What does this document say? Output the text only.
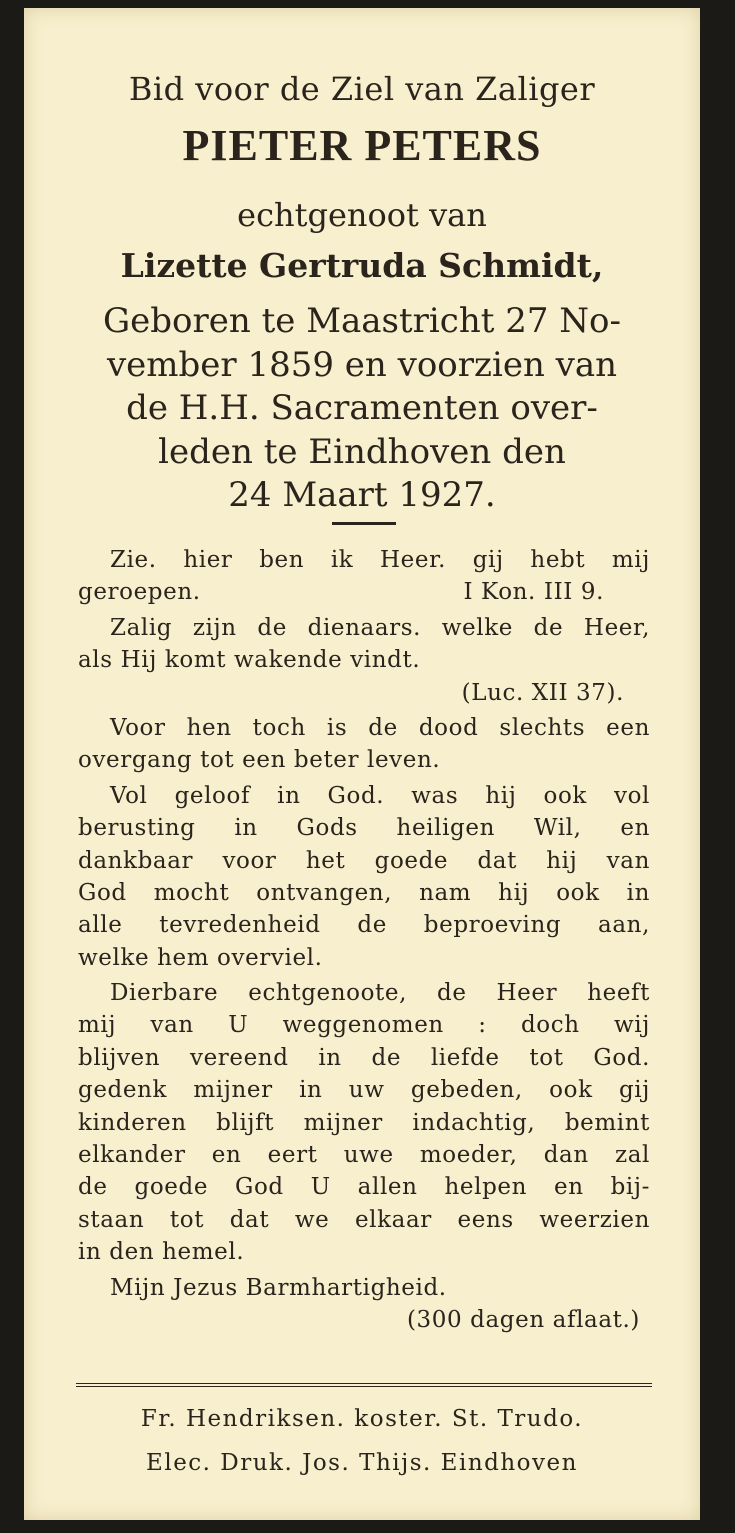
Bid voor de Ziel van Zaliger
PIETER PETERS
echtgenoot van
Lizette Gertruda Schmidt,
Geboren te Maastricht 27 No-
vember 1859 en voorzien van
de H.H. Sacramenten over-
leden te Eindhoven den
24 Maart 1927.
Zie. hier ben ik Heer. gij hebt mij
geroepen.	I Kon. III 9.
Zalig zijn de dienaars. welke de Heer,
als Hij komt wakende vindt.
(Luc. XII 37).
Voor hen toch is de dood slechts een
overgang tot een beter leven.
Vol geloof in God. was hij ook vol
berusting in Gods heiligen Wil, en
dankbaar voor het goede dat hij van
God mocht ontvangen, nam hij ook in
alle tevredenheid de beproeving aan,
welke hem overviel.
Dierbare echtgenoote, de Heer heeft
mij van U weggenomen : doch wij
blijven vereend in de liefde tot God.
gedenk mijner in uw gebeden, ook gij
kinderen blijft mijner indachtig, bemint
elkander en eert uwe moeder, dan zal
de goede God U allen helpen en bij-
staan tot dat we elkaar eens weerzien
in den hemel.
Mijn Jezus Barmhartigheid.
(300 dagen aflaat.)
Fr. Hendriksen. koster. St. Trudo.
Elec. Druk. Jos. Thijs. Eindhoven
